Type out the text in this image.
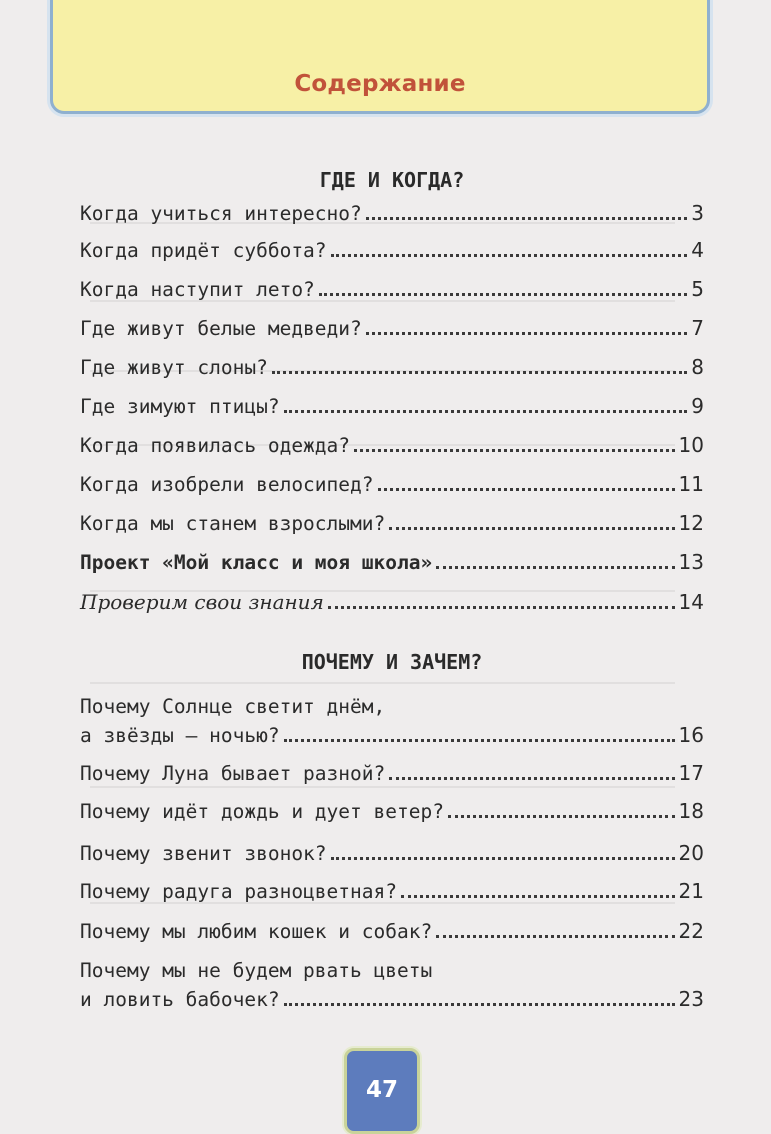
Содержание
ГДЕ И КОГДА?
Когда учиться интересно?	3
Когда придёт суббота?	4
Когда наступит лето?	5
Где живут белые медведи?	7
Где живут слоны?	8
Где зимуют птицы?	9
Когда появилась одежда?	10
Когда изобрели велосипед?	11
Когда мы станем взрослыми?	12
Проект «Мой класс и моя школа»	13
Проверим свои знания	14
ПОЧЕМУ И ЗАЧЕМ?
Почему Солнце светит днём,
а звёзды — ночью?	16
Почему Луна бывает разной?	17
Почему идёт дождь и дует ветер?	18
Почему звенит звонок?	20
Почему радуга разноцветная?	21
Почему мы любим кошек и собак?	22
Почему мы не будем рвать цветы
и ловить бабочек?	23
47
